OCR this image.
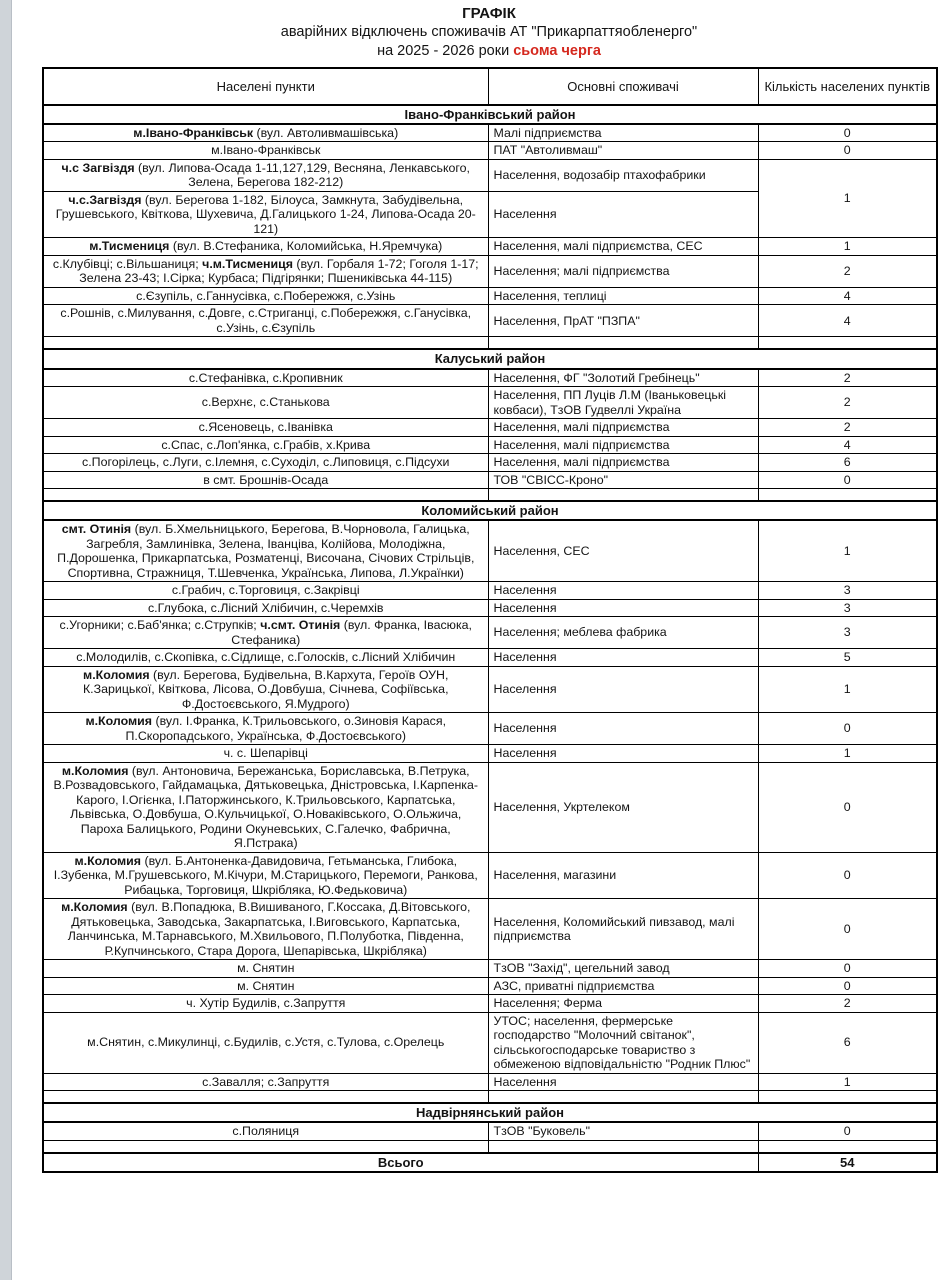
ГРАФІК
аварійних відключень споживачів АТ "Прикарпаттяобленерго"
на 2025 - 2026 роки сьома черга
Населені пункти	Основні споживачі	Кількість населених пунктів
Івано-Франківський район		
м.Івано-Франківськ (вул. Автоливмашівська)	Малі підприємства	0
м.Івано-Франківськ	ПАТ "Автоливмаш"	0
ч.с Загвіздя (вул. Липова-Осада 1-11,127,129, Весняна, Ленкавського, Зелена, Берегова 182-212)	Населення, водозабір птахофабрики	1
ч.с.Загвіздя (вул. Берегова 1-182, Білоуса, Замкнута, Забудівельна, Грушевського, Квіткова, Шухевича, Д.Галицького 1-24, Липова-Осада 20-121)	Населення	
м.Тисмениця (вул. В.Стефаника, Коломийська, Н.Яремчука)	Населення, малі підприємства, СЕС	1
с.Клубівці; с.Вільшаниця; ч.м.Тисмениця (вул. Горбаля 1-72; Гоголя 1-17; Зелена 23-43; І.Сірка; Курбаса; Підгірянки; Пшениківська 44-115)	Населення; малі підприємства	2
с.Єзупіль, с.Ганнусівка, с.Побережжя, с.Узінь	Населення, теплиці	4
с.Рошнів, с.Милування, с.Довге, с.Стриганці, с.Побережжя, с.Ганусівка, с.Узінь, с.Єзупіль	Населення, ПрАТ "ПЗПА"	4

Калуський район		
с.Стефанівка, с.Кропивник	Населення, ФГ "Золотий Гребінець"	2
с.Верхнє, с.Станькова	Населення, ПП Луців Л.М (Іваньковецькі ковбаси), ТзОВ Гудвеллі Україна	2
с.Ясеновець, с.Іванівка	Населення, малі підприємства	2
с.Спас, с.Лоп'янка, с.Грабів, х.Крива	Населення, малі підприємства	4
с.Погорілець, с.Луги, с.Ілемня, с.Суходіл, с.Липовиця, с.Підсухи	Населення, малі підприємства	6
в смт. Брошнів-Осада	ТОВ "СВІСС-Кроно"	0

Коломийський район		
смт. Отинія (вул. Б.Хмельницького, Берегова, В.Чорновола, Галицька, Загребля, Замлинівка, Зелена, Іванціва, Колійова, Молодіжна, П.Дорошенка, Прикарпатська, Розматенці, Височана, Січових Стрільців, Спортивна, Стражниця, Т.Шевченка, Українська, Липова, Л.Українки)	Населення, СЕС	1
с.Грабич, с.Торговиця, с.Закрівці	Населення	3
с.Глубока, с.Лісний Хлібичин, с.Черемхів	Населення	3
с.Угорники; с.Баб'янка; с.Струпків; ч.смт. Отинія (вул. Франка, Івасюка, Стефаника)	Населення; меблева фабрика	3
с.Молодилів, с.Скопівка, с.Сідлище, с.Голосків, с.Лісний Хлібичин	Населення	5
м.Коломия (вул. Берегова, Будівельна, В.Кархута, Героїв ОУН, К.Зарицької, Квіткова, Лісова, О.Довбуша, Січнева, Софіївська, Ф.Достоєвського, Я.Мудрого)	Населення	1
м.Коломия (вул. І.Франка, К.Трильовського, о.Зиновія Карася, П.Скоропадського, Українська, Ф.Достоєвського)	Населення	0
ч. с. Шепарівці	Населення	1
м.Коломия (вул. Антоновича, Бережанська, Бориславська, В.Петрука, В.Розвадовського, Гайдамацька, Дятьковецька, Дністровська, І.Карпенка-Карого, І.Огієнка, І.Паторжинського, К.Трильовського, Карпатська, Львівська, О.Довбуша, О.Кульчицької, О.Новаківського, О.Ольжича, Пароха Балицького, Родини Окуневських, С.Галечко, Фабрична, Я.Пстрака)	Населення, Укртелеком	0
м.Коломия (вул. Б.Антоненка-Давидовича, Гетьманська, Глибока, І.Зубенка, М.Грушевського, М.Кічури, М.Старицького, Перемоги, Ранкова, Рибацька, Торговиця, Шкрібляка, Ю.Федьковича)	Населення, магазини	0
м.Коломия (вул. В.Попадюка, В.Вишиваного, Г.Коссака, Д.Вітовського, Дятьковецька, Заводська, Закарпатська, І.Виговського, Карпатська, Ланчинська, М.Тарнавського, М.Хвильового, П.Полуботка, Південна, Р.Купчинського, Стара Дорога, Шепарівська, Шкрібляка)	Населення, Коломийський пивзавод, малі підприємства	0
м. Снятин	ТзОВ "Захід", цегельний завод	0
м. Снятин	АЗС, приватні підприємства	0
ч. Хутір Будилів, с.Запруття	Населення; Ферма	2
м.Снятин, с.Микулинці, с.Будилів, с.Устя, с.Тулова, с.Орелець	УТОС; населення, фермерське господарство "Молочний світанок", сільськогосподарське товариство з обмеженою відповідальністю "Родник Плюс"	6
с.Завалля; с.Запруття	Населення	1

Надвірнянський район		
с.Поляниця	ТзОВ "Буковель"	0

Всього		54
